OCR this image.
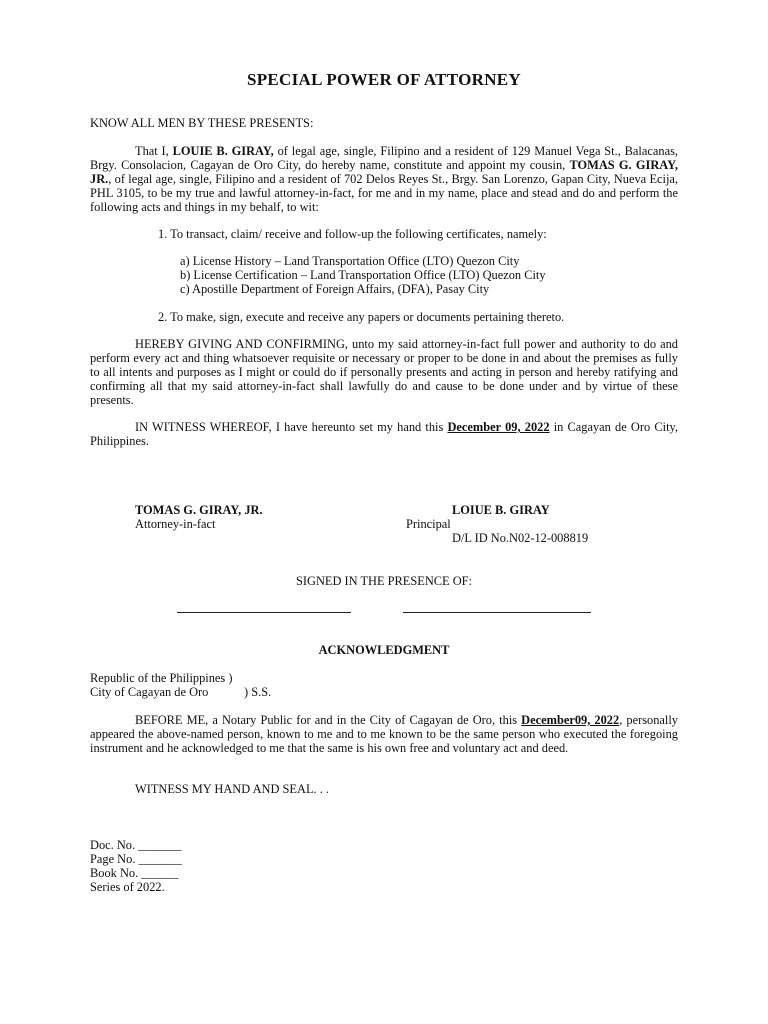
SPECIAL POWER OF ATTORNEY
KNOW ALL MEN BY THESE PRESENTS:

That I, LOUIE B. GIRAY, of legal age, single, Filipino and a resident of 129 Manuel Vega St., Balacanas, Brgy. Consolacion, Cagayan de Oro City, do hereby name, constitute and appoint my cousin, TOMAS G. GIRAY, JR., of legal age, single, Filipino and a resident of 702 Delos Reyes St., Brgy. San Lorenzo, Gapan City, Nueva Ecija, PHL 3105, to be my true and lawful attorney-in-fact, for me and in my name, place and stead and do and perform the following acts and things in my behalf, to wit:

1. To transact, claim/ receive and follow-up the following certificates, namely:
a) License History – Land Transportation Office (LTO) Quezon City
b) License Certification – Land Transportation Office (LTO) Quezon City
c) Apostille Department of Foreign Affairs, (DFA), Pasay City
2. To make, sign, execute and receive any papers or documents pertaining thereto.

HEREBY GIVING AND CONFIRMING, unto my said attorney-in-fact full power and authority to do and perform every act and thing whatsoever requisite or necessary or proper to be done in and about the premises as fully to all intents and purposes as I might or could do if personally presents and acting in person and hereby ratifying and confirming all that my said attorney-in-fact shall lawfully do and cause to be done under and by virtue of these presents.

IN WITNESS WHEREOF, I have hereunto set my hand this December 09, 2022 in Cagayan de Oro City, Philippines.

TOMAS G. GIRAY, JR.
Attorney-in-fact
LOIUE B. GIRAY
Principal
D/L ID No.N02-12-008819
SIGNED IN THE PRESENCE OF:
ACKNOWLEDGMENT
Republic of the Philippines )
City of Cagayan de Oro	) S.S.

BEFORE ME, a Notary Public for and in the City of Cagayan de Oro, this December09, 2022, personally appeared the above-named person, known to me and to me known to be the same person who executed the foregoing instrument and he acknowledged to me that the same is his own free and voluntary act and deed.

WITNESS MY HAND AND SEAL. . .
Doc. No. _______
Page No. _______
Book No. ______
Series of 2022.
